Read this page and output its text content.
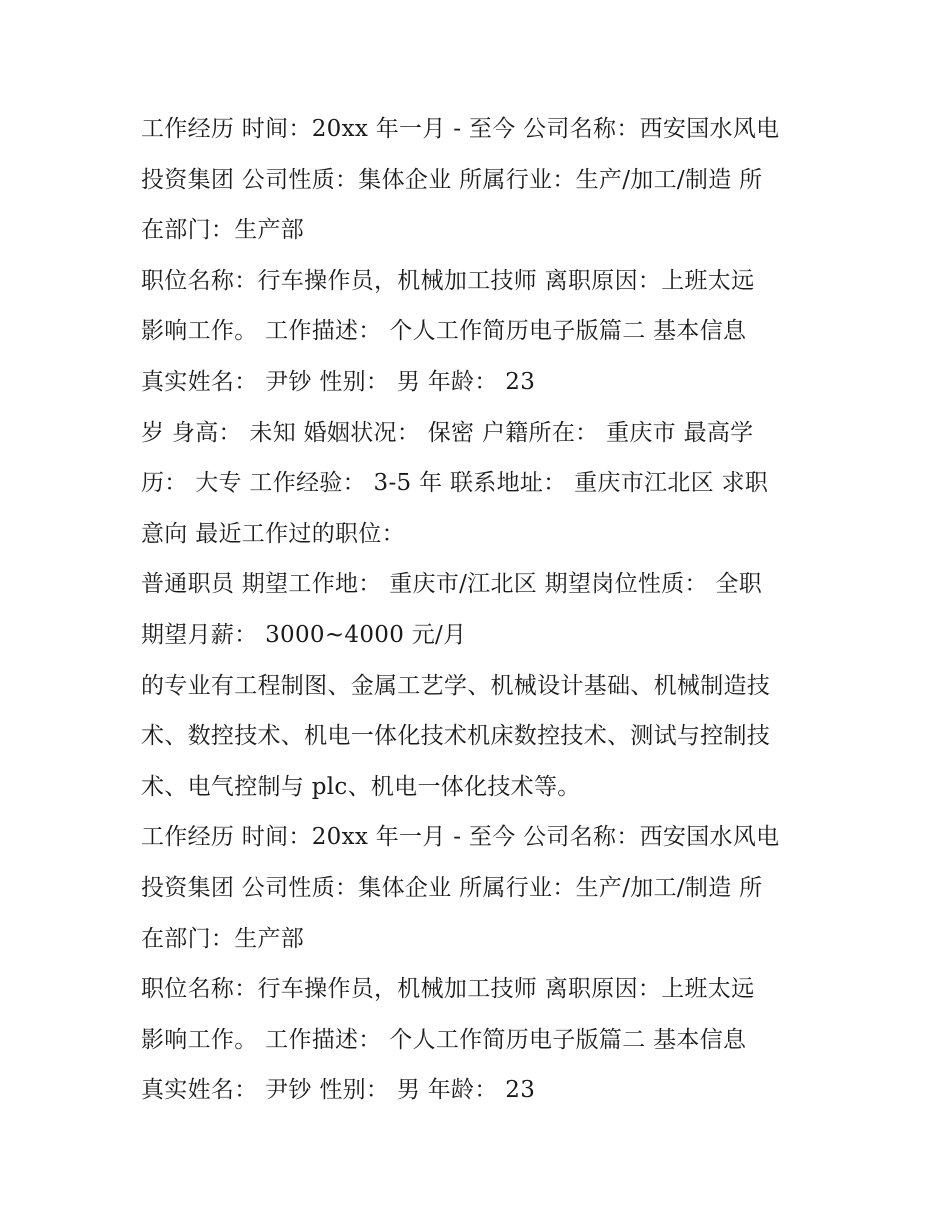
工作经历 时间：20xx 年一月 - 至今 公司名称：西安国水风电
投资集团 公司性质：集体企业 所属行业：生产/加工/制造 所
在部门：生产部
职位名称：行车操作员，机械加工技师 离职原因：上班太远
影响工作。 工作描述： 个人工作简历电子版篇二 基本信息
真实姓名： 尹钞 性别： 男 年龄： 23
岁 身高： 未知 婚姻状况： 保密 户籍所在： 重庆市 最高学
历： 大专 工作经验： 3-5 年 联系地址： 重庆市江北区 求职
意向 最近工作过的职位：
普通职员 期望工作地： 重庆市/江北区 期望岗位性质： 全职
期望月薪： 3000~4000 元/月
的专业有工程制图、金属工艺学、机械设计基础、机械制造技
术、数控技术、机电一体化技术机床数控技术、测试与控制技
术、电气控制与 plc、机电一体化技术等。
工作经历 时间：20xx 年一月 - 至今 公司名称：西安国水风电
投资集团 公司性质：集体企业 所属行业：生产/加工/制造 所
在部门：生产部
职位名称：行车操作员，机械加工技师 离职原因：上班太远
影响工作。 工作描述： 个人工作简历电子版篇二 基本信息
真实姓名： 尹钞 性别： 男 年龄： 23
